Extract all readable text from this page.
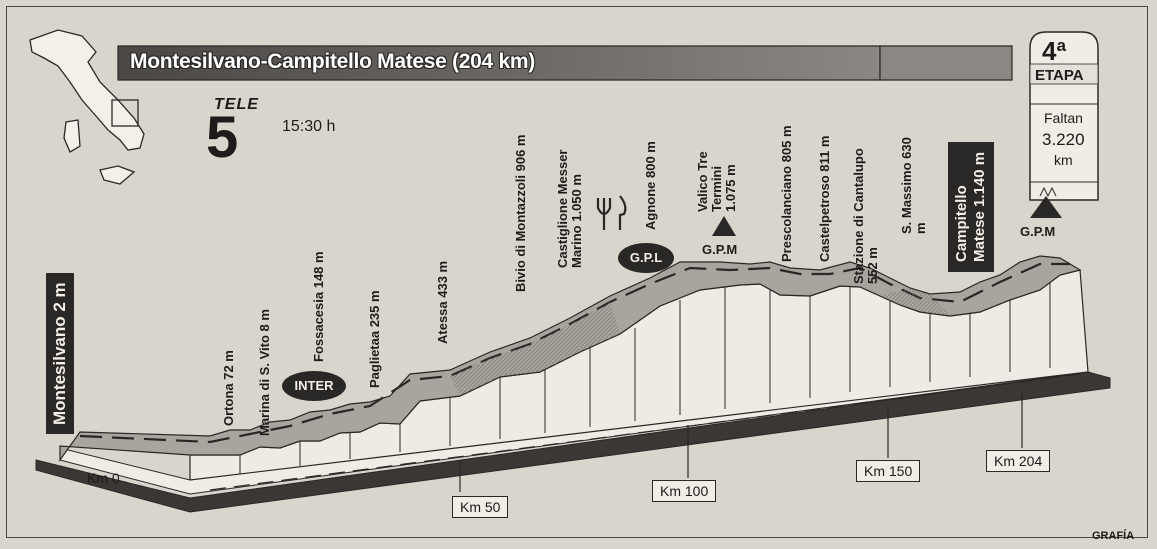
Montesilvano-Campitello Matese (204 km)
TELE
5	15:30 h
4ª
ETAPA
Faltan
3.220
km
Montesilvano 2 m
Campitello Matese 1.140 m
Ortona 72 m Marina di S. Vito 8 m
Fossacesia 148 m	Paglietaa 235 m	Atessa 433 m
Bivio di Montazzoli 906 m Castiglione Messer Marino 1.050 m	Agnone 800 m	Valico Tre Termini 1.075 m	Prescolanciano 805 m Castelpetroso 811 m Stazione di Cantalupo 552 m
S. Massimo 630 m
INTER
G.P.L
G.P.M
G.P.M
Km 0
Km 50
Km 100
Km 150
Km 204
GRAFÍA
